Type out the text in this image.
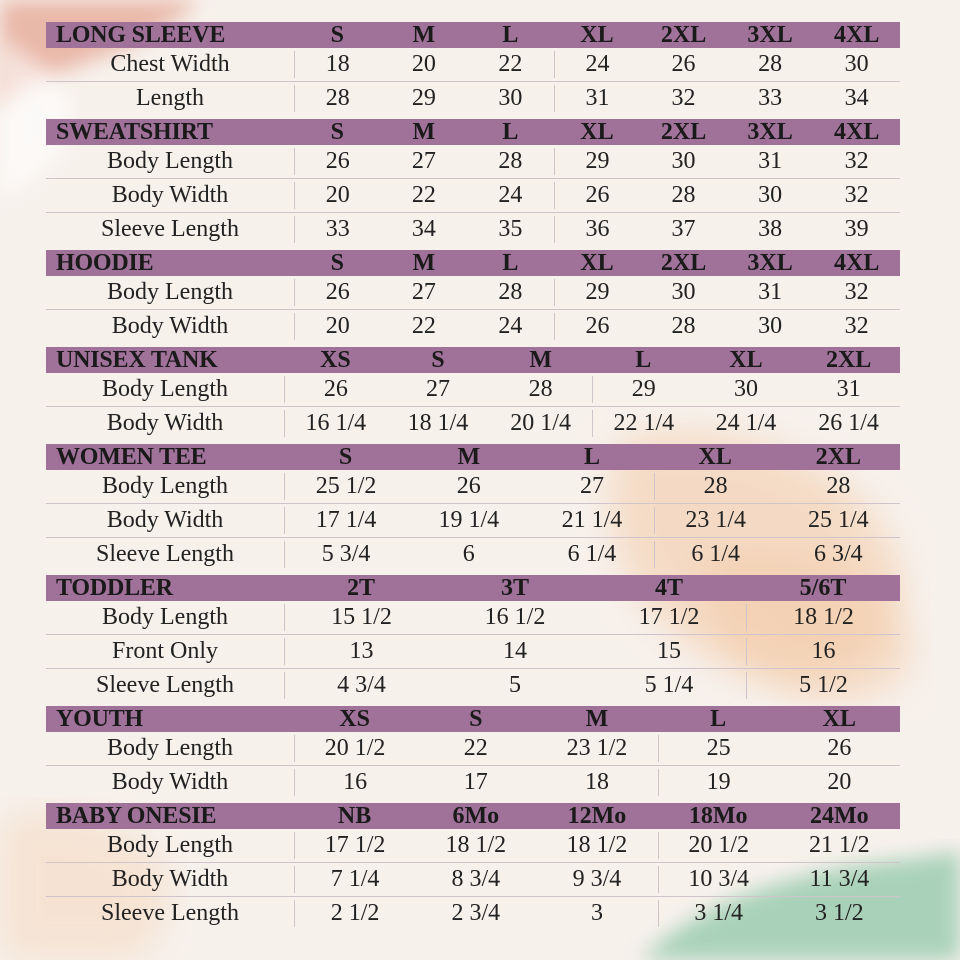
LONG SLEEVE	S	M	L	XL	2XL	3XL	4XL
Chest Width	18	20	22	24	26	28	30
Length	28	29	30	31	32	33	34
SWEATSHIRT	S	M	L	XL	2XL	3XL	4XL
Body Length	26	27	28	29	30	31	32
Body Width	20	22	24	26	28	30	32
Sleeve Length	33	34	35	36	37	38	39
HOODIE	S	M	L	XL	2XL	3XL	4XL
Body Length	26	27	28	29	30	31	32
Body Width	20	22	24	26	28	30	32
UNISEX TANK	XS	S	M	L	XL	2XL
Body Length	26	27	28	29	30	31
Body Width	16 1/4	18 1/4	20 1/4	22 1/4	24 1/4	26 1/4
WOMEN TEE	S	M	L	XL	2XL
Body Length	25 1/2	26	27	28	28
Body Width	17 1/4	19 1/4	21 1/4	23 1/4	25 1/4
Sleeve Length	5 3/4	6	6 1/4	6 1/4	6 3/4
TODDLER	2T	3T	4T	5/6T
Body Length	15 1/2	16 1/2	17 1/2	18 1/2
Front Only	13	14	15	16
Sleeve Length	4 3/4	5	5 1/4	5 1/2
YOUTH	XS	S	M	L	XL
Body Length	20 1/2	22	23 1/2	25	26
Body Width	16	17	18	19	20
BABY ONESIE	NB	6Mo	12Mo	18Mo	24Mo
Body Length	17 1/2	18 1/2	18 1/2	20 1/2	21 1/2
Body Width	7 1/4	8 3/4	9 3/4	10 3/4	11 3/4
Sleeve Length	2 1/2	2 3/4	3	3 1/4	3 1/2
